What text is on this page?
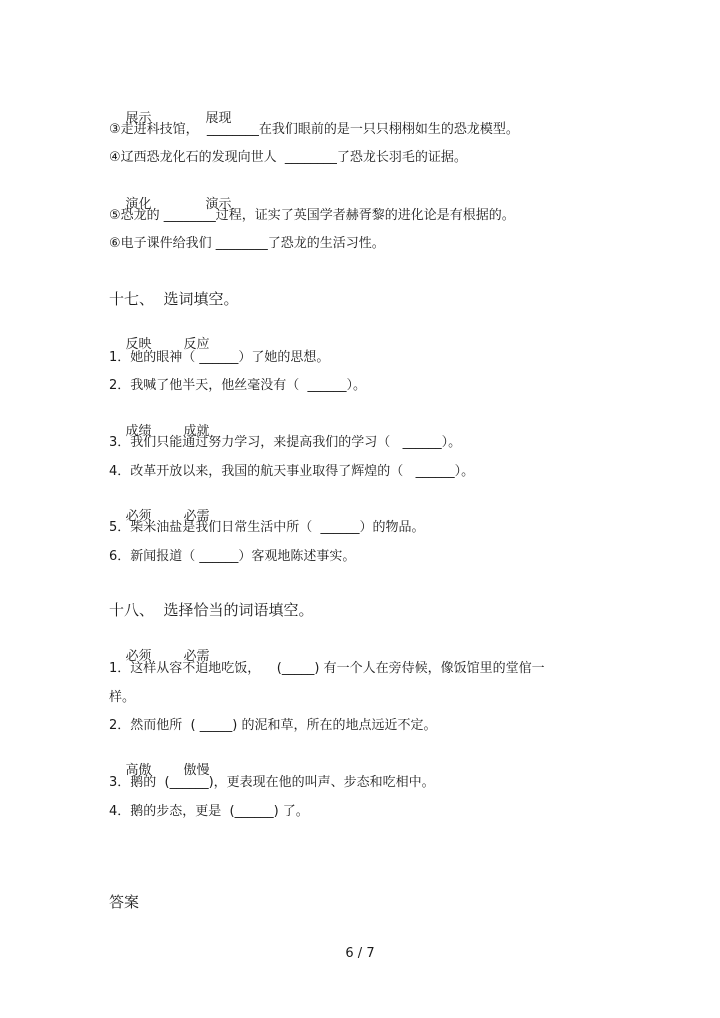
展示	展现

③走进科技馆，  ________在我们眼前的是一只只栩栩如生的恐龙模型。
④辽西恐龙化石的发现向世人  ________了恐龙长羽毛的证据。

演化	演示

⑤恐龙的 ________过程，证实了英国学者赫胥黎的进化论是有根据的。
⑥电子课件给我们 ________了恐龙的生活习性。
十七、  选词填空。

反映 反应

1．她的眼神（ ______）了她的思想。
2．我喊了他半天，他丝毫没有（  ______）。

成绩 成就

3．我们只能通过努力学习，来提高我们的学习（   ______）。
4．改革开放以来，我国的航天事业取得了辉煌的（   ______）。

必须 必需

5．柴米油盐是我们日常生活中所（  ______）的物品。
6．新闻报道（ ______）客观地陈述事实。
十八、  选择恰当的词语填空。

必须 必需

1．这样从容不迫地吃饭，    (_____) 有一个人在旁侍候，像饭馆里的堂倌一
样。
2．然而他所  ( _____) 的泥和草，所在的地点远近不定。

高傲 傲慢

3．鹅的  (______)，更表现在他的叫声、步态和吃相中。
4．鹅的步态，更是  (______) 了。
答案
6 / 7
